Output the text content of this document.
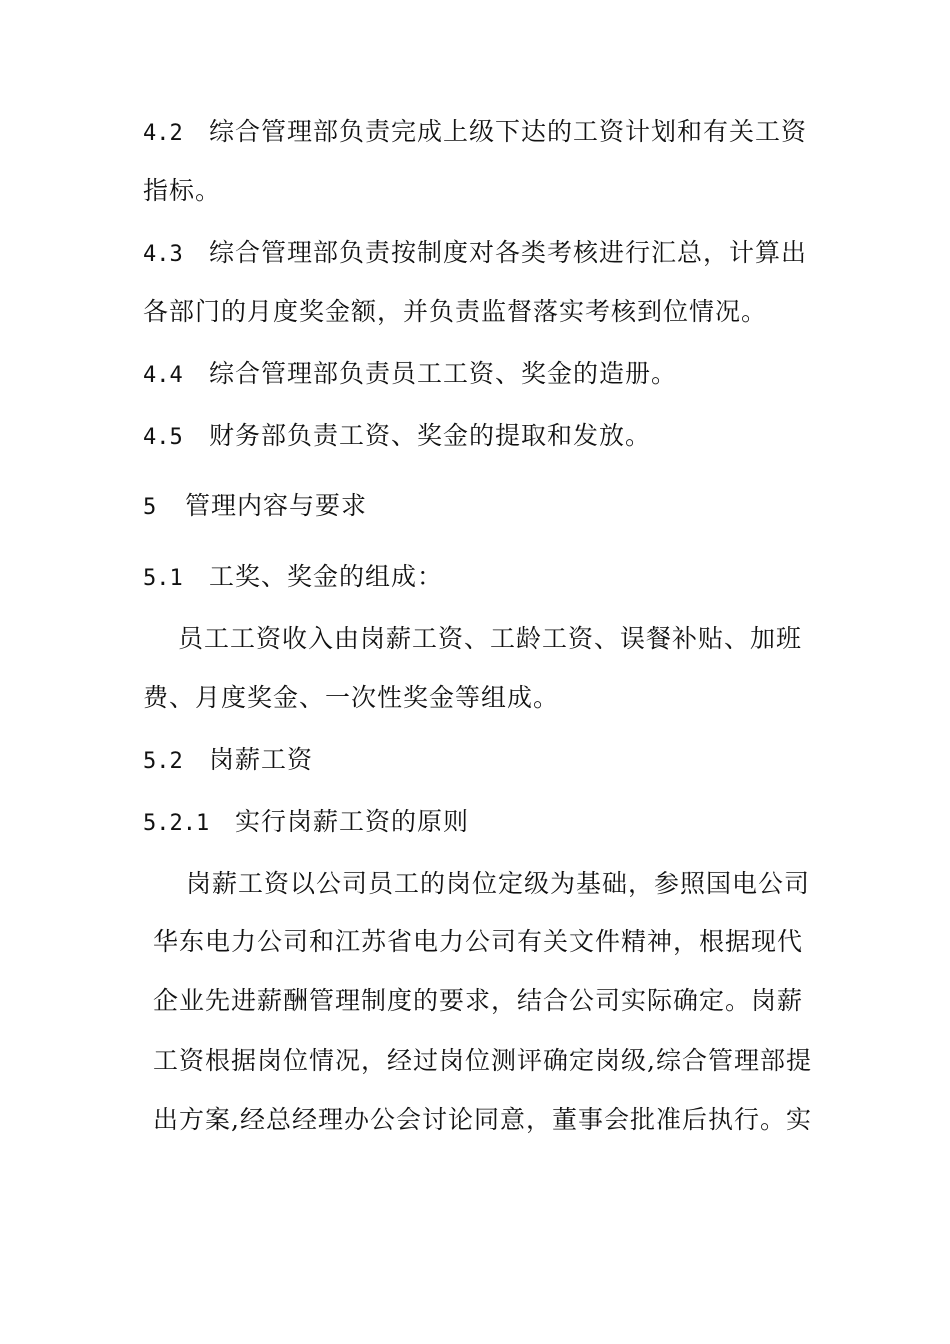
4.2 综合管理部负责完成上级下达的工资计划和有关工资
指标。
4.3 综合管理部负责按制度对各类考核进行汇总，计算出
各部门的月度奖金额，并负责监督落实考核到位情况。
4.4 综合管理部负责员工工资、奖金的造册。
4.5 财务部负责工资、奖金的提取和发放。
5 管理内容与要求
5.1 工奖、奖金的组成：
员工工资收入由岗薪工资、工龄工资、误餐补贴、加班
费、月度奖金、一次性奖金等组成。
5.2 岗薪工资
5.2.1 实行岗薪工资的原则
岗薪工资以公司员工的岗位定级为基础，参照国电公司
华东电力公司和江苏省电力公司有关文件精神，根据现代
企业先进薪酬管理制度的要求，结合公司实际确定。岗薪
工资根据岗位情况，经过岗位测评确定岗级,综合管理部提
出方案,经总经理办公会讨论同意，董事会批准后执行。实
